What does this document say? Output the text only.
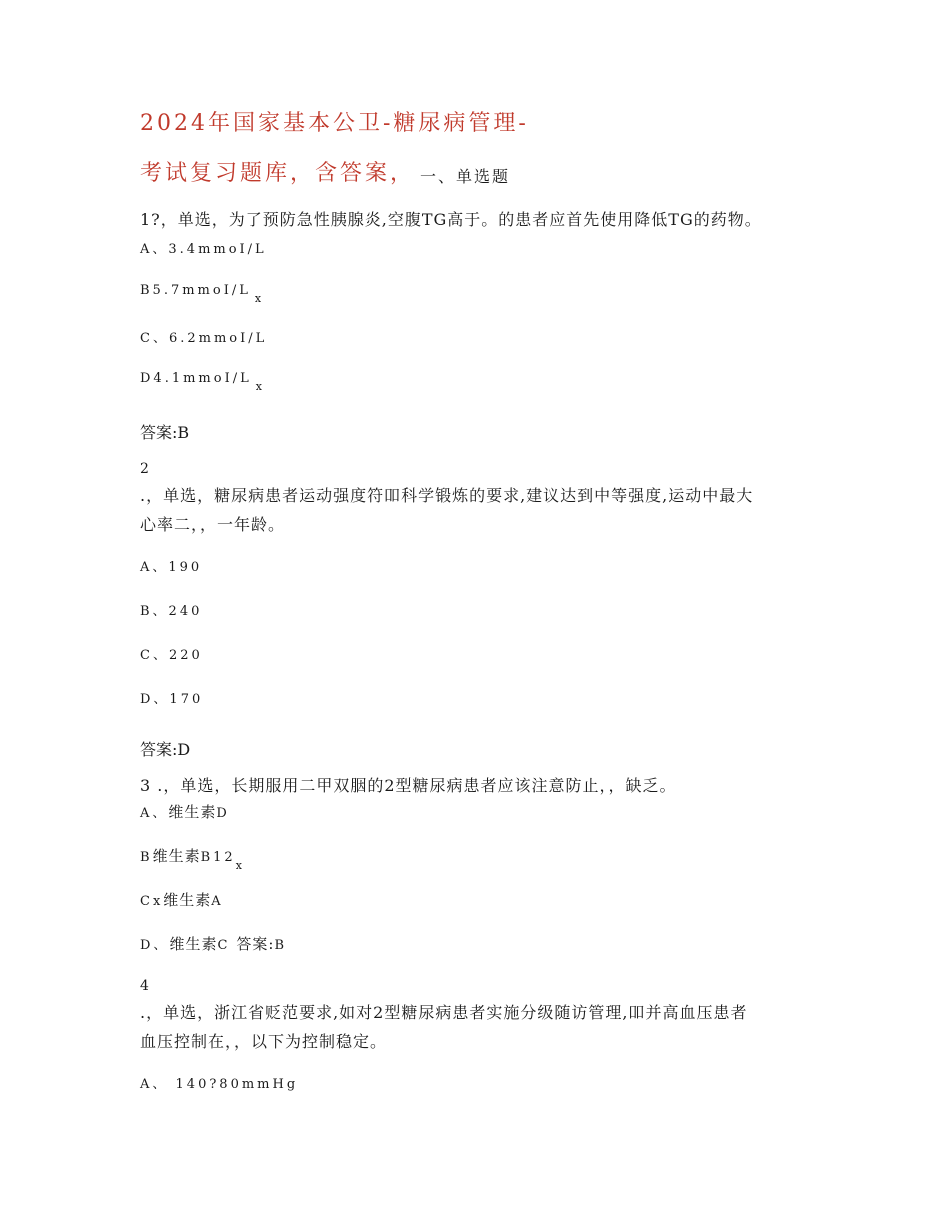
2024年国家基本公卫-糖尿病管理-
考试复习题库，含答案， 一、单选题
1?，单选，为了预防急性胰腺炎,空腹TG高于。的患者应首先使用降低TG的药物。
A、3.4mmoI/L
$B5.7mmoI/L_x$
C、6.2mmoI/L
$D4.1mmoI/L_x$
答案:B
2
.，单选，糖尿病患者运动强度符吅科学锻炼的要求,建议达到中等强度,运动中最大
心率二，，一年龄。
A、190
B、240
C、220
D、170
答案:D
3 .，单选，长期服用二甲双胭的2型糖尿病患者应该注意防止，，缺乏。
A、维生素D
B维生素$B12_x$
Cx维生素A
D、维生素C 答案:B
4
.，单选，浙江省贬范要求,如对2型糖尿病患者实施分级随访管理,吅并高血压患者
血压控制在，，以下为控制稳定。
A、 140?80mmHg
